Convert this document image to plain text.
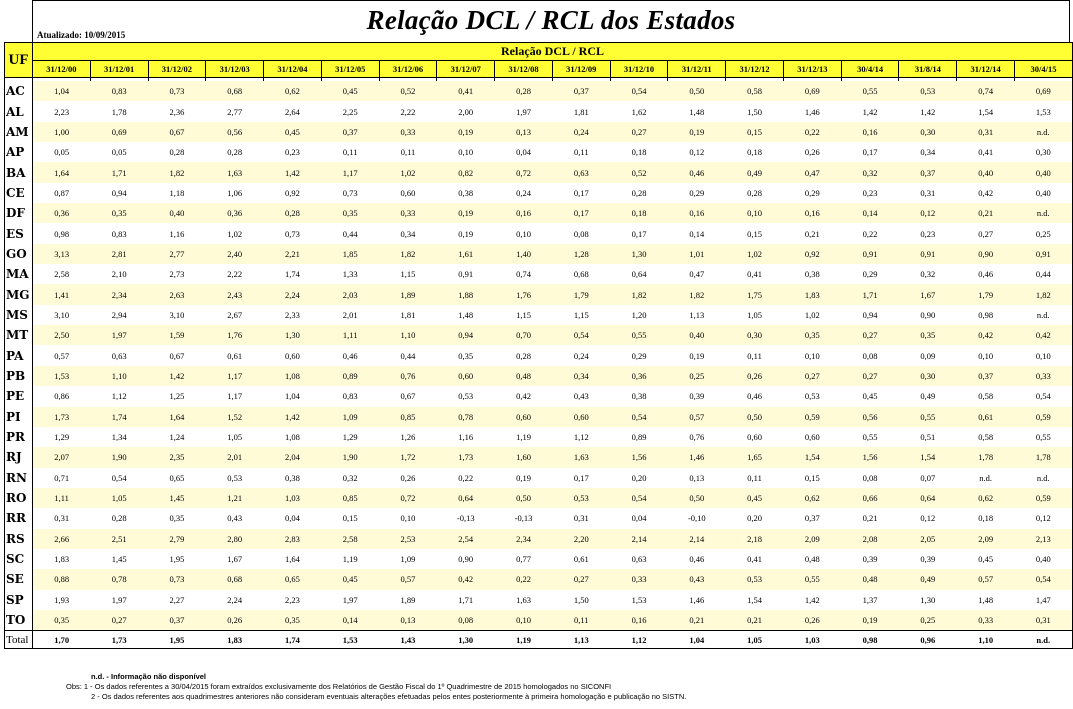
Relação DCL / RCL dos Estados
Atualizado: 10/09/2015
UF	Relação DCL / RCL																	
	31/12/00	31/12/01	31/12/02	31/12/03	31/12/04	31/12/05	31/12/06	31/12/07	31/12/08	31/12/09	31/12/10	31/12/11	31/12/12	31/12/13	30/4/14	31/8/14	31/12/14	30/4/15

AC	1,04	0,83	0,73	0,68	0,62	0,45	0,52	0,41	0,28	0,37	0,54	0,50	0,58	0,69	0,55	0,53	0,74	0,69
AL	2,23	1,78	2,36	2,77	2,64	2,25	2,22	2,00	1,97	1,81	1,62	1,48	1,50	1,46	1,42	1,42	1,54	1,53
AM	1,00	0,69	0,67	0,56	0,45	0,37	0,33	0,19	0,13	0,24	0,27	0,19	0,15	0,22	0,16	0,30	0,31	n.d.
AP	0,05	0,05	0,28	0,28	0,23	0,11	0,11	0,10	0,04	0,11	0,18	0,12	0,18	0,26	0,17	0,34	0,41	0,30
BA	1,64	1,71	1,82	1,63	1,42	1,17	1,02	0,82	0,72	0,63	0,52	0,46	0,49	0,47	0,32	0,37	0,40	0,40
CE	0,87	0,94	1,18	1,06	0,92	0,73	0,60	0,38	0,24	0,17	0,28	0,29	0,28	0,29	0,23	0,31	0,42	0,40
DF	0,36	0,35	0,40	0,36	0,28	0,35	0,33	0,19	0,16	0,17	0,18	0,16	0,10	0,16	0,14	0,12	0,21	n.d.
ES	0,98	0,83	1,16	1,02	0,73	0,44	0,34	0,19	0,10	0,08	0,17	0,14	0,15	0,21	0,22	0,23	0,27	0,25
GO	3,13	2,81	2,77	2,40	2,21	1,85	1,82	1,61	1,40	1,28	1,30	1,01	1,02	0,92	0,91	0,91	0,90	0,91
MA	2,58	2,10	2,73	2,22	1,74	1,33	1,15	0,91	0,74	0,68	0,64	0,47	0,41	0,38	0,29	0,32	0,46	0,44
MG	1,41	2,34	2,63	2,43	2,24	2,03	1,89	1,88	1,76	1,79	1,82	1,82	1,75	1,83	1,71	1,67	1,79	1,82
MS	3,10	2,94	3,10	2,67	2,33	2,01	1,81	1,48	1,15	1,15	1,20	1,13	1,05	1,02	0,94	0,90	0,98	n.d.
MT	2,50	1,97	1,59	1,76	1,30	1,11	1,10	0,94	0,70	0,54	0,55	0,40	0,30	0,35	0,27	0,35	0,42	0,42
PA	0,57	0,63	0,67	0,61	0,60	0,46	0,44	0,35	0,28	0,24	0,29	0,19	0,11	0,10	0,08	0,09	0,10	0,10
PB	1,53	1,10	1,42	1,17	1,08	0,89	0,76	0,60	0,48	0,34	0,36	0,25	0,26	0,27	0,27	0,30	0,37	0,33
PE	0,86	1,12	1,25	1,17	1,04	0,83	0,67	0,53	0,42	0,43	0,38	0,39	0,46	0,53	0,45	0,49	0,58	0,54
PI	1,73	1,74	1,64	1,52	1,42	1,09	0,85	0,78	0,60	0,60	0,54	0,57	0,50	0,59	0,56	0,55	0,61	0,59
PR	1,29	1,34	1,24	1,05	1,08	1,29	1,26	1,16	1,19	1,12	0,89	0,76	0,60	0,60	0,55	0,51	0,58	0,55
RJ	2,07	1,90	2,35	2,01	2,04	1,90	1,72	1,73	1,60	1,63	1,56	1,46	1,65	1,54	1,56	1,54	1,78	1,78
RN	0,71	0,54	0,65	0,53	0,38	0,32	0,26	0,22	0,19	0,17	0,20	0,13	0,11	0,15	0,08	0,07	n.d.	n.d.
RO	1,11	1,05	1,45	1,21	1,03	0,85	0,72	0,64	0,50	0,53	0,54	0,50	0,45	0,62	0,66	0,64	0,62	0,59
RR	0,31	0,28	0,35	0,43	0,04	0,15	0,10	-0,13	-0,13	0,31	0,04	-0,10	0,20	0,37	0,21	0,12	0,18	0,12
RS	2,66	2,51	2,79	2,80	2,83	2,58	2,53	2,54	2,34	2,20	2,14	2,14	2,18	2,09	2,08	2,05	2,09	2,13
SC	1,83	1,45	1,95	1,67	1,64	1,19	1,09	0,90	0,77	0,61	0,63	0,46	0,41	0,48	0,39	0,39	0,45	0,40
SE	0,88	0,78	0,73	0,68	0,65	0,45	0,57	0,42	0,22	0,27	0,33	0,43	0,53	0,55	0,48	0,49	0,57	0,54
SP	1,93	1,97	2,27	2,24	2,23	1,97	1,89	1,71	1,63	1,50	1,53	1,46	1,54	1,42	1,37	1,30	1,48	1,47
TO	0,35	0,27	0,37	0,26	0,35	0,14	0,13	0,08	0,10	0,11	0,16	0,21	0,21	0,26	0,19	0,25	0,33	0,31
Total	1,70	1,73	1,95	1,83	1,74	1,53	1,43	1,30	1,19	1,13	1,12	1,04	1,05	1,03	0,98	0,96	1,10	n.d.
n.d. - Informação não disponível
Obs: 1 - Os dados referentes a 30/04/2015 foram extraídos exclusivamente dos Relatórios de Gestão Fiscal do 1º Quadrimestre de 2015 homologados no SICONFI
2 - Os dados referentes aos quadrimestres anteriores não consideram eventuais alterações efetuadas pelos entes posteriormente à primeira homologação e publicação no SISTN.
